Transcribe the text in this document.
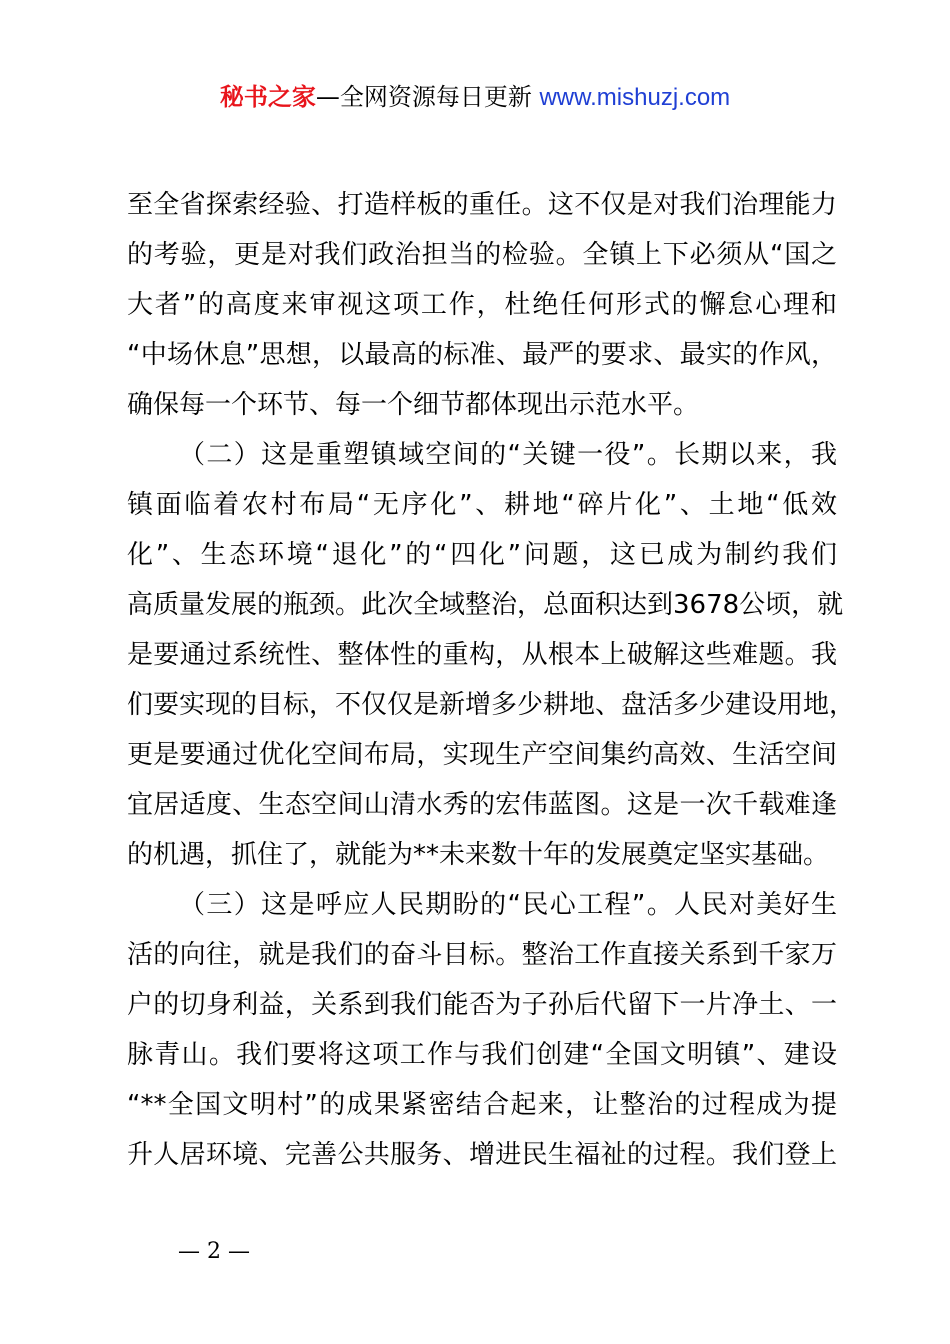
秘书之家—全网资源每日更新 www.mishuzj.com
至全省探索经验、打造样板的重任。这不仅是对我们治理能力
的考验，更是对我们政治担当的检验。全镇上下必须从“国之
大者”的高度来审视这项工作，杜绝任何形式的懈怠心理和
“中场休息”思想，以最高的标准、最严的要求、最实的作风，
确保每一个环节、每一个细节都体现出示范水平。
（二）这是重塑镇域空间的“关键一役”。长期以来，我
镇面临着农村布局“无序化”、耕地“碎片化”、土地“低效
化”、生态环境“退化”的“四化”问题，这已成为制约我们
高质量发展的瓶颈。此次全域整治，总面积达到3678公顷，就
是要通过系统性、整体性的重构，从根本上破解这些难题。我
们要实现的目标，不仅仅是新增多少耕地、盘活多少建设用地，
更是要通过优化空间布局，实现生产空间集约高效、生活空间
宜居适度、生态空间山清水秀的宏伟蓝图。这是一次千载难逢
的机遇，抓住了，就能为**未来数十年的发展奠定坚实基础。
（三）这是呼应人民期盼的“民心工程”。人民对美好生
活的向往，就是我们的奋斗目标。整治工作直接关系到千家万
户的切身利益，关系到我们能否为子孙后代留下一片净土、一
脉青山。我们要将这项工作与我们创建“全国文明镇”、建设
“**全国文明村”的成果紧密结合起来，让整治的过程成为提
升人居环境、完善公共服务、增进民生福祉的过程。我们登上
— 2 —
